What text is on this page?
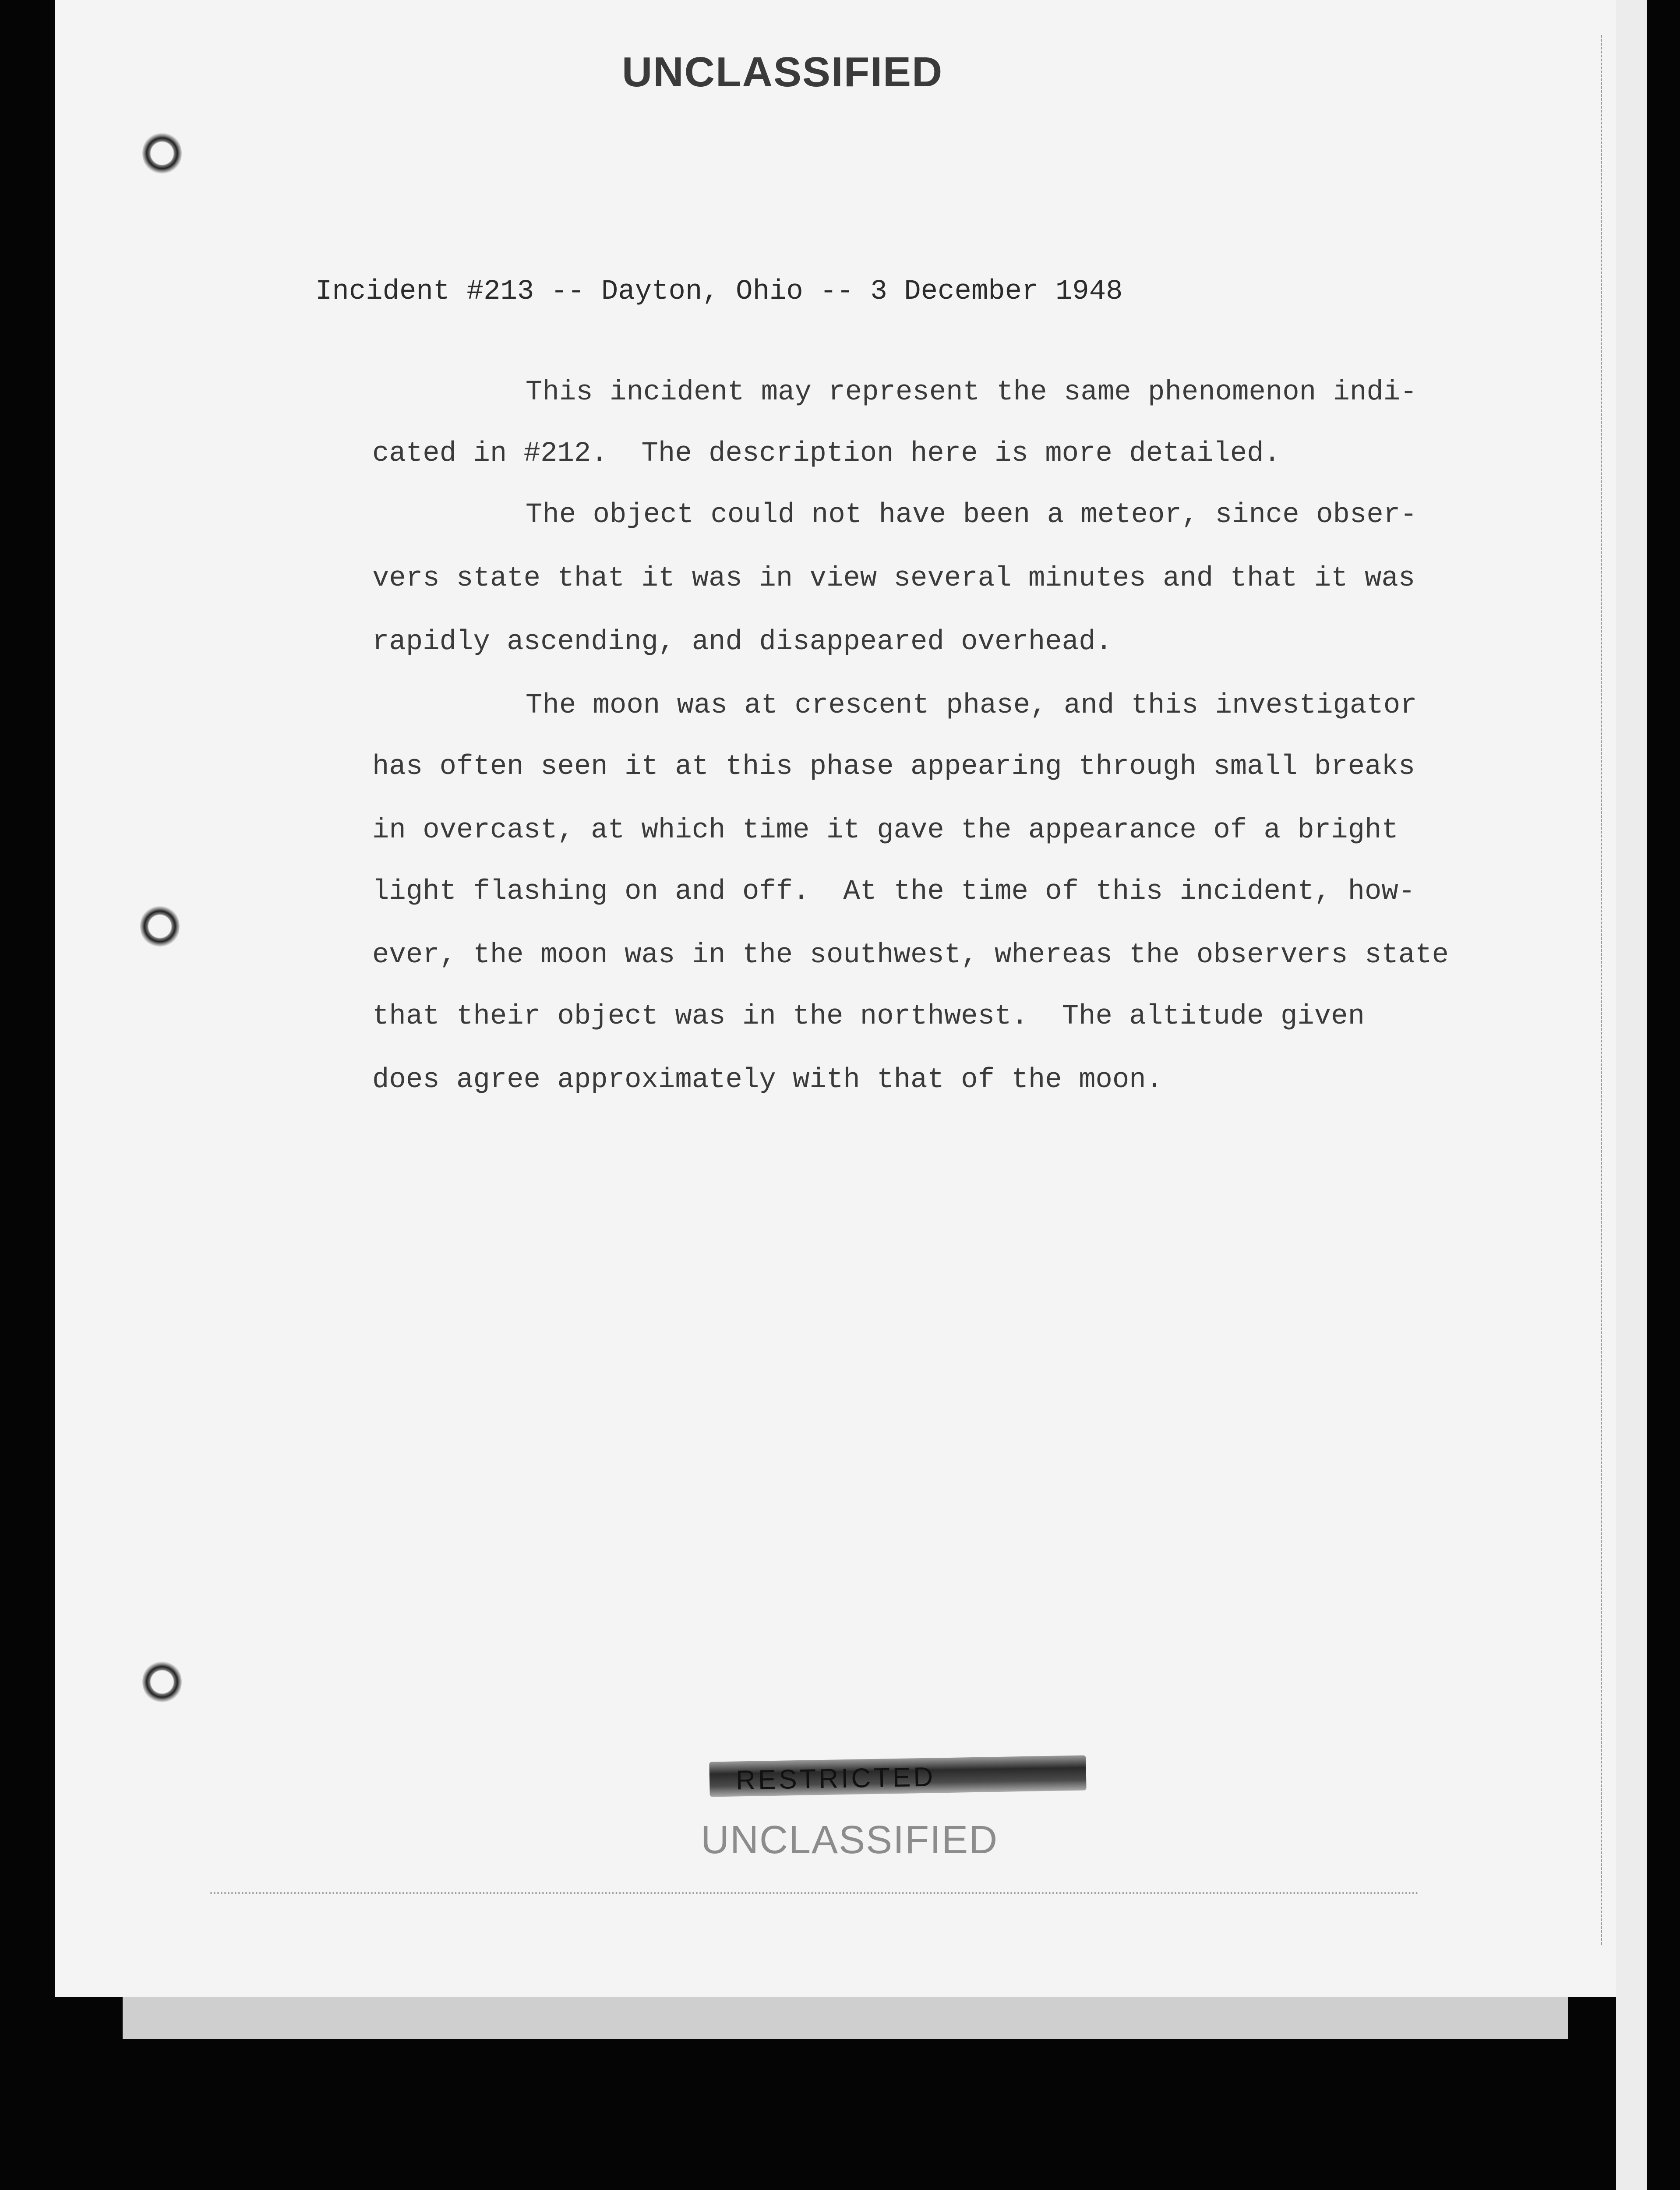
UNCLASSIFIED
Incident #213 -- Dayton, Ohio -- 3 December 1948
This incident may represent the same phenomenon indi-
cated in #212.  The description here is more detailed.
The object could not have been a meteor, since obser-
vers state that it was in view several minutes and that it was
rapidly ascending, and disappeared overhead.
The moon was at crescent phase, and this investigator
has often seen it at this phase appearing through small breaks
in overcast, at which time it gave the appearance of a bright
light flashing on and off.  At the time of this incident, how-
ever, the moon was in the southwest, whereas the observers state
that their object was in the northwest.  The altitude given
does agree approximately with that of the moon.
RESTRICTED
UNCLASSIFIED
